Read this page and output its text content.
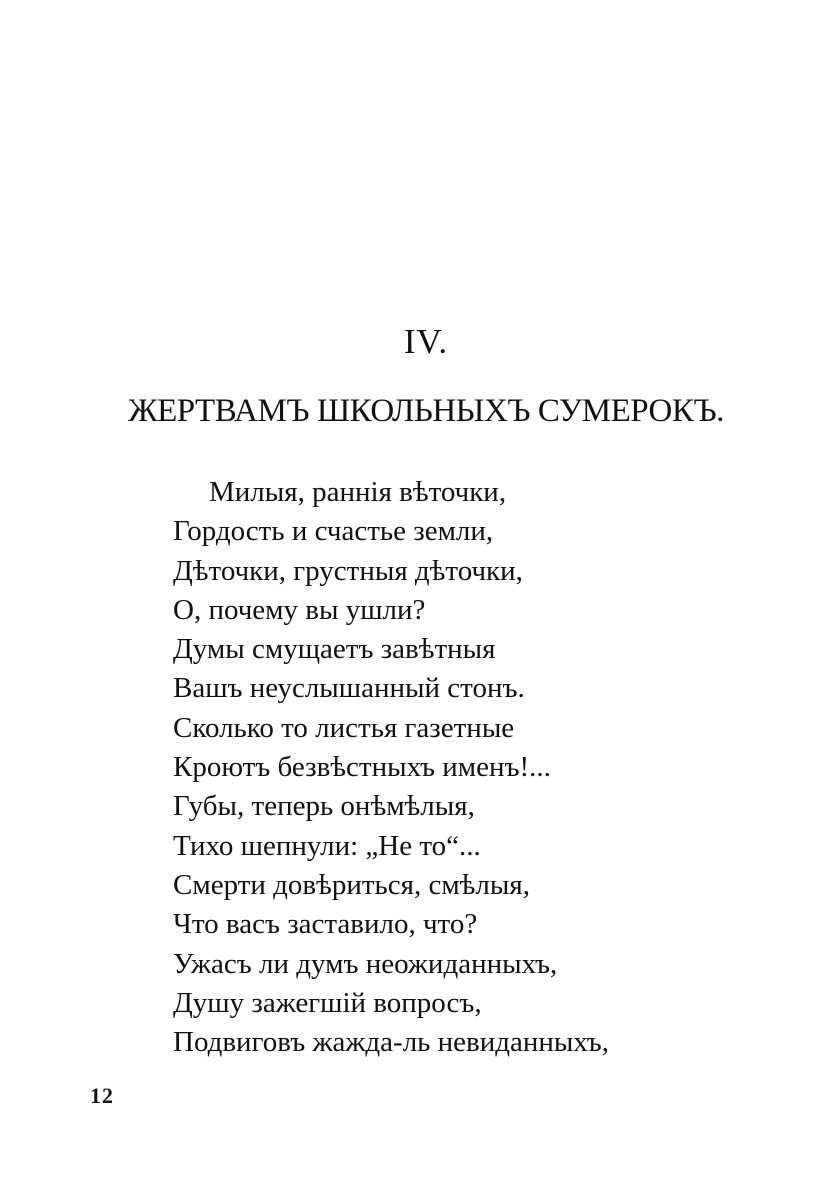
IV.
ЖЕРТВАМЪ ШКОЛЬНЫХЪ СУМЕРОКЪ.
Милыя, раннія вѣточки,
Гордость и счастье земли,
Дѣточки, грустныя дѣточки,
О, почему вы ушли?
Думы смущаетъ завѣтныя
Вашъ неуслышанный стонъ.
Сколько то листья газетные
Кроютъ безвѣстныхъ именъ!...
Губы, теперь онѣмѣлыя,
Тихо шепнули: „Не то“...
Смерти довѣриться, смѣлыя,
Что васъ заставило, что?
Ужасъ ли думъ неожиданныхъ,
Душу зажегшій вопросъ,
Подвиговъ жажда-ль невиданныхъ,
12
